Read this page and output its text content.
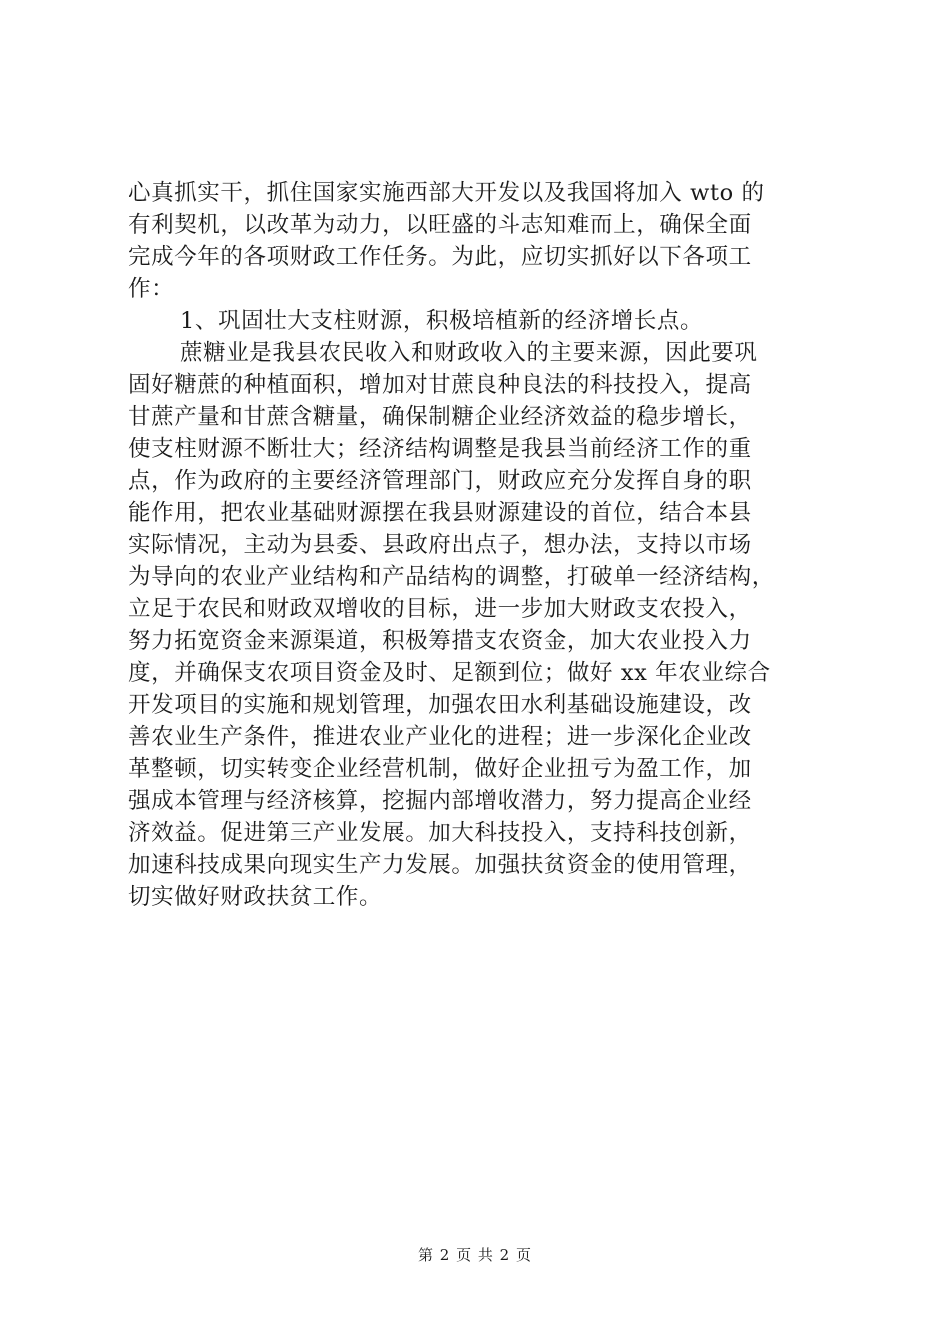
心真抓实干，抓住国家实施西部大开发以及我国将加入 wto 的
有利契机，以改革为动力，以旺盛的斗志知难而上，确保全面
完成今年的各项财政工作任务。为此，应切实抓好以下各项工
作：
1、巩固壮大支柱财源，积极培植新的经济增长点。
蔗糖业是我县农民收入和财政收入的主要来源，因此要巩
固好糖蔗的种植面积，增加对甘蔗良种良法的科技投入，提高
甘蔗产量和甘蔗含糖量，确保制糖企业经济效益的稳步增长，
使支柱财源不断壮大；经济结构调整是我县当前经济工作的重
点，作为政府的主要经济管理部门，财政应充分发挥自身的职
能作用，把农业基础财源摆在我县财源建设的首位，结合本县
实际情况，主动为县委、县政府出点子，想办法，支持以市场
为导向的农业产业结构和产品结构的调整，打破单一经济结构，
立足于农民和财政双增收的目标，进一步加大财政支农投入，
努力拓宽资金来源渠道，积极筹措支农资金，加大农业投入力
度，并确保支农项目资金及时、足额到位；做好 xx 年农业综合
开发项目的实施和规划管理，加强农田水利基础设施建设，改
善农业生产条件，推进农业产业化的进程；进一步深化企业改
革整顿，切实转变企业经营机制，做好企业扭亏为盈工作，加
强成本管理与经济核算，挖掘内部增收潜力，努力提高企业经
济效益。促进第三产业发展。加大科技投入，支持科技创新，
加速科技成果向现实生产力发展。加强扶贫资金的使用管理，
切实做好财政扶贫工作。
第 2 页 共 2 页
